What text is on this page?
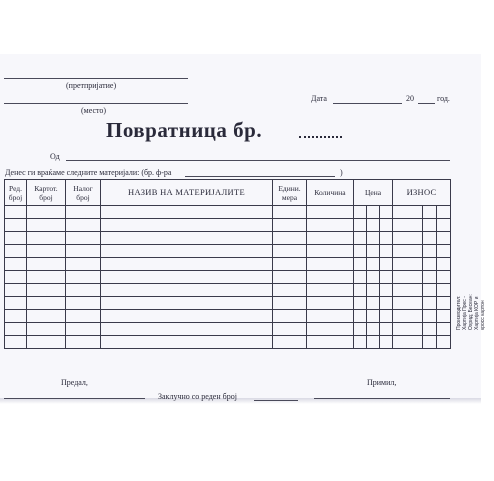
(претпријатие)
(место)
Дата	20	год.
Повратница бр.
Од
Денес ги враќаме следните материјали: (бр. ф-ра	)
Ред. број	Картот. број	Налог број	НАЗИВ НА МАТЕРИЈАЛИТЕ	Едини. мера	Количина	Цена			ИЗНОС		

Производител: Хартија Прес - Охрид; Бесеан: Хартија КОР и кросс картон
Предал,
Заклучно со реден број
Примил,
